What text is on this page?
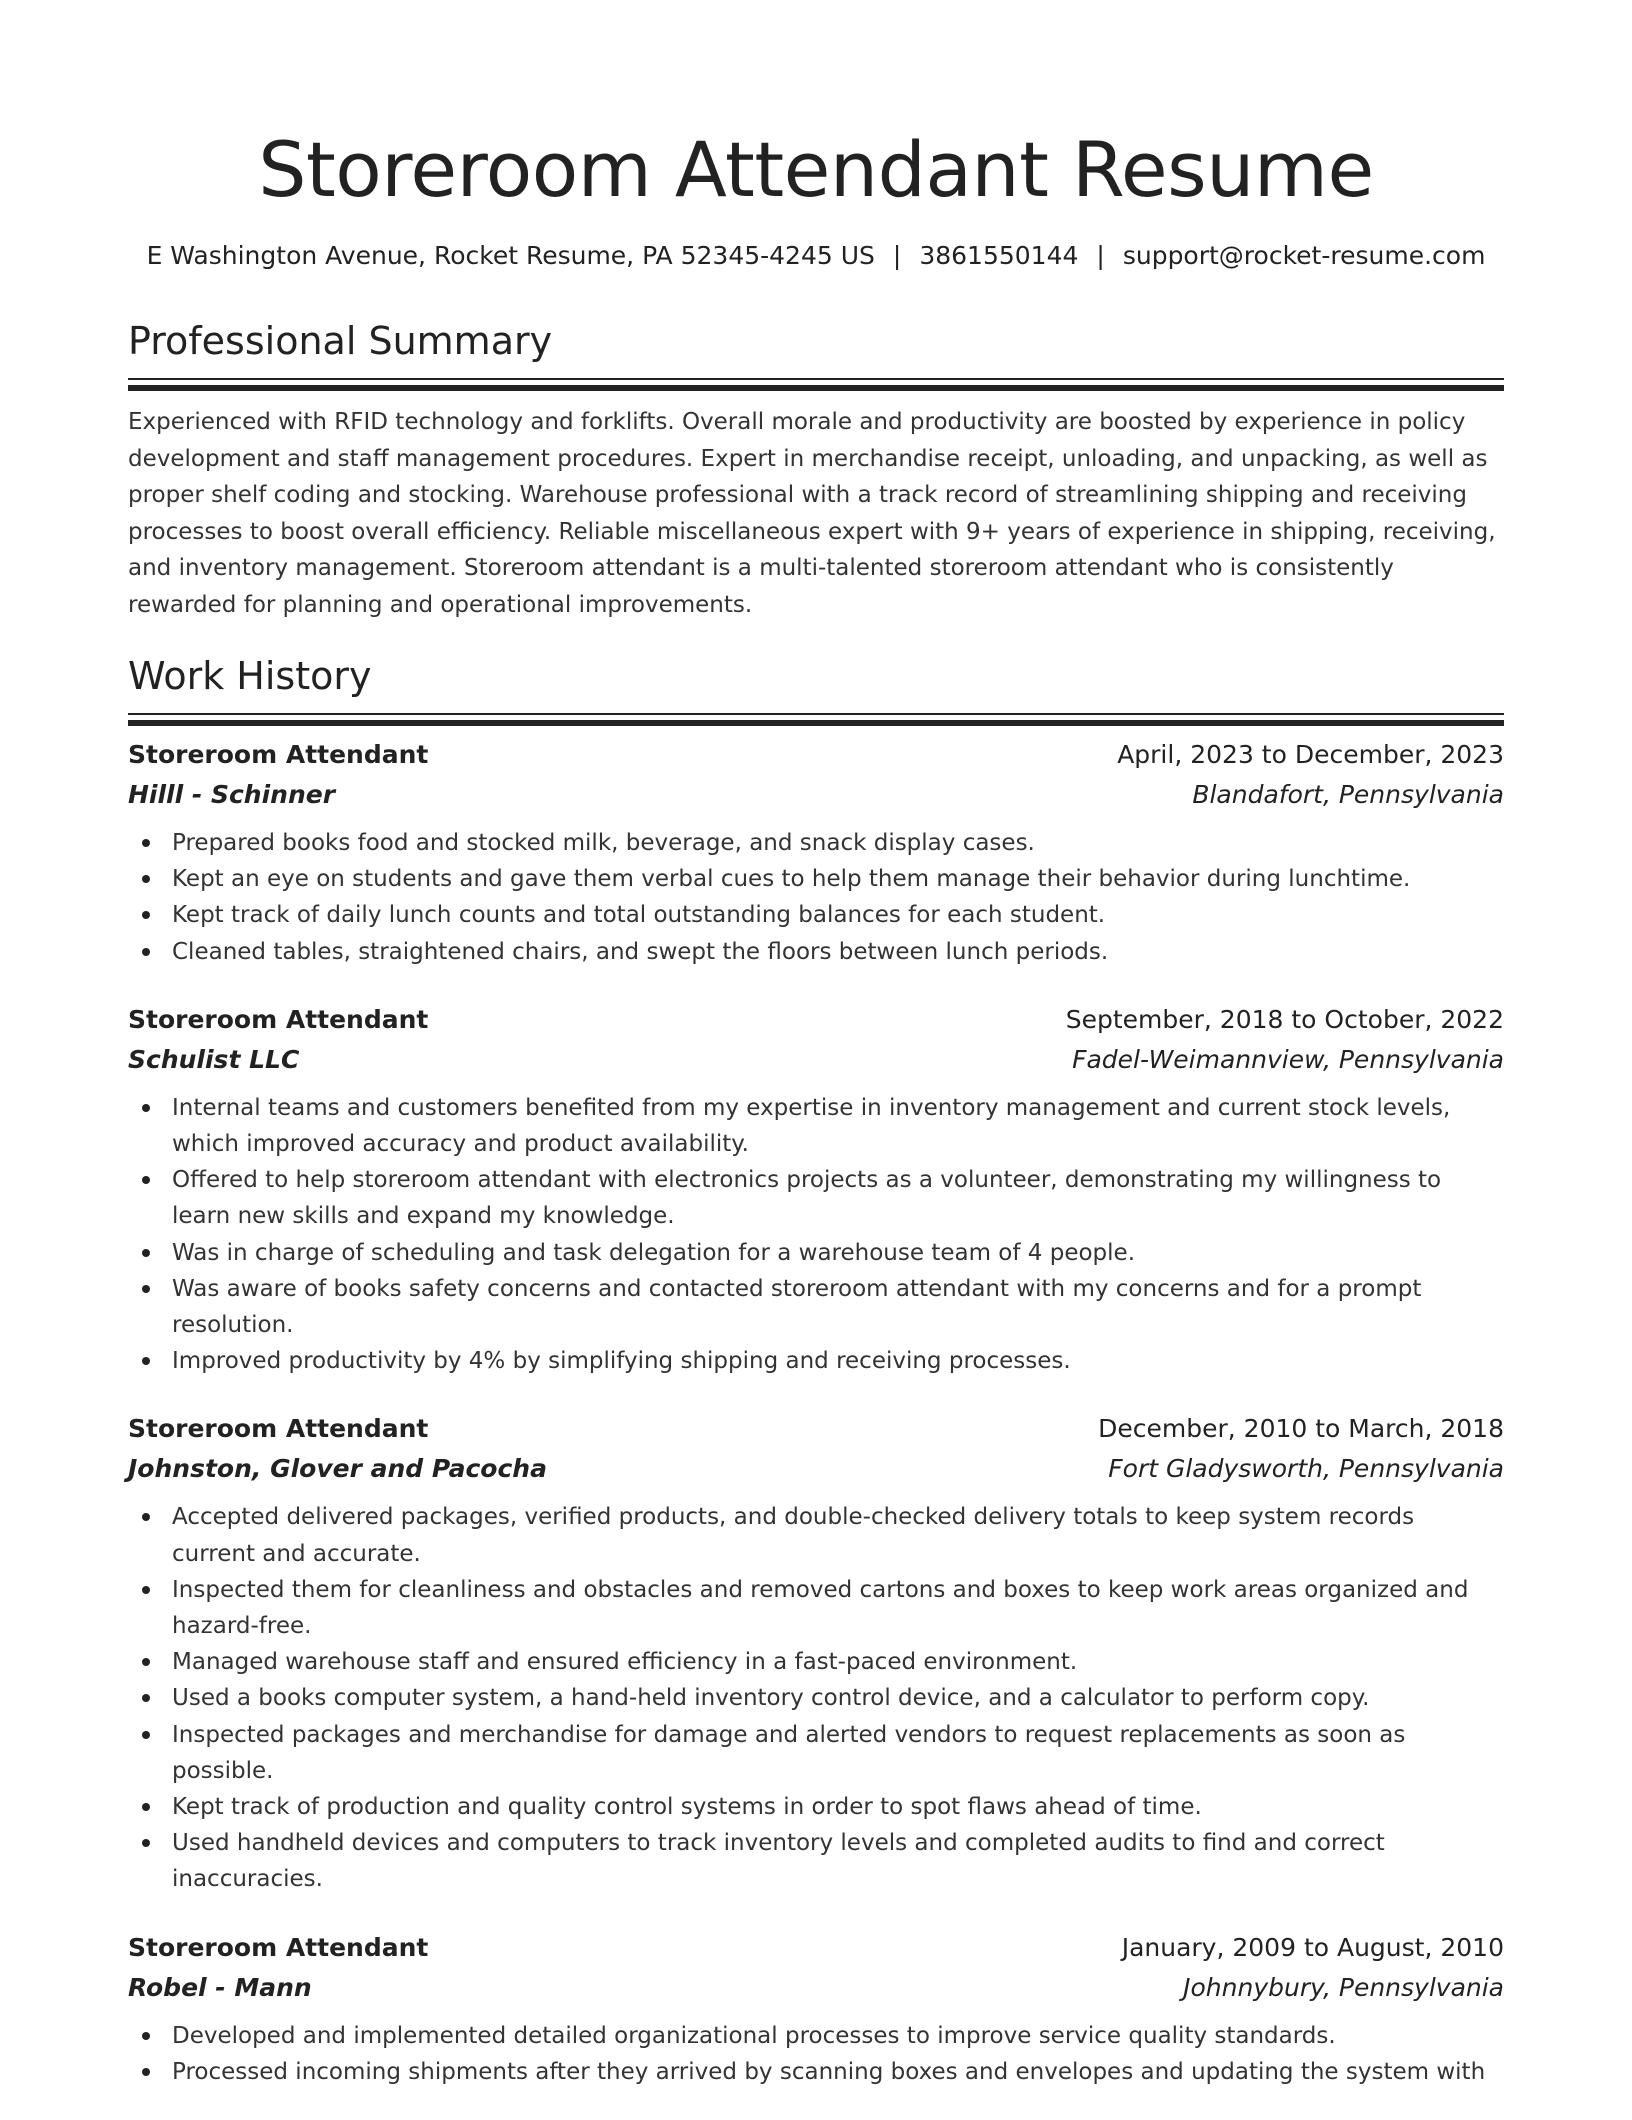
Storeroom Attendant Resume
E Washington Avenue, Rocket Resume, PA 52345-4245 US | 3861550144 | support@rocket-resume.com
Professional Summary

Experienced with RFID technology and forklifts. Overall morale and productivity are boosted by experience in policy development and staff management procedures. Expert in merchandise receipt, unloading, and unpacking, as well as proper shelf coding and stocking. Warehouse professional with a track record of streamlining shipping and receiving processes to boost overall efficiency. Reliable miscellaneous expert with 9+ years of experience in shipping, receiving, and inventory management. Storeroom attendant is a multi-talented storeroom attendant who is consistently rewarded for planning and operational improvements.

Work History
Storeroom Attendant	April, 2023 to December, 2023
Hilll - Schinner	Blandafort, Pennsylvania
Prepared books food and stocked milk, beverage, and snack display cases.
Kept an eye on students and gave them verbal cues to help them manage their behavior during lunchtime.
Kept track of daily lunch counts and total outstanding balances for each student.
Cleaned tables, straightened chairs, and swept the floors between lunch periods.
Storeroom Attendant	September, 2018 to October, 2022
Schulist LLC	Fadel-Weimannview, Pennsylvania
Internal teams and customers benefited from my expertise in inventory management and current stock levels, which improved accuracy and product availability.
Offered to help storeroom attendant with electronics projects as a volunteer, demonstrating my willingness to learn new skills and expand my knowledge.
Was in charge of scheduling and task delegation for a warehouse team of 4 people.
Was aware of books safety concerns and contacted storeroom attendant with my concerns and for a prompt resolution.
Improved productivity by 4% by simplifying shipping and receiving processes.
Storeroom Attendant	December, 2010 to March, 2018
Johnston, Glover and Pacocha	Fort Gladysworth, Pennsylvania
Accepted delivered packages, verified products, and double-checked delivery totals to keep system records current and accurate.
Inspected them for cleanliness and obstacles and removed cartons and boxes to keep work areas organized and hazard-free.
Managed warehouse staff and ensured efficiency in a fast-paced environment.
Used a books computer system, a hand-held inventory control device, and a calculator to perform copy.
Inspected packages and merchandise for damage and alerted vendors to request replacements as soon as possible.
Kept track of production and quality control systems in order to spot flaws ahead of time.
Used handheld devices and computers to track inventory levels and completed audits to find and correct inaccuracies.
Storeroom Attendant	January, 2009 to August, 2010
Robel - Mann	Johnnybury, Pennsylvania
Developed and implemented detailed organizational processes to improve service quality standards.
Processed incoming shipments after they arrived by scanning boxes and envelopes and updating the system with
